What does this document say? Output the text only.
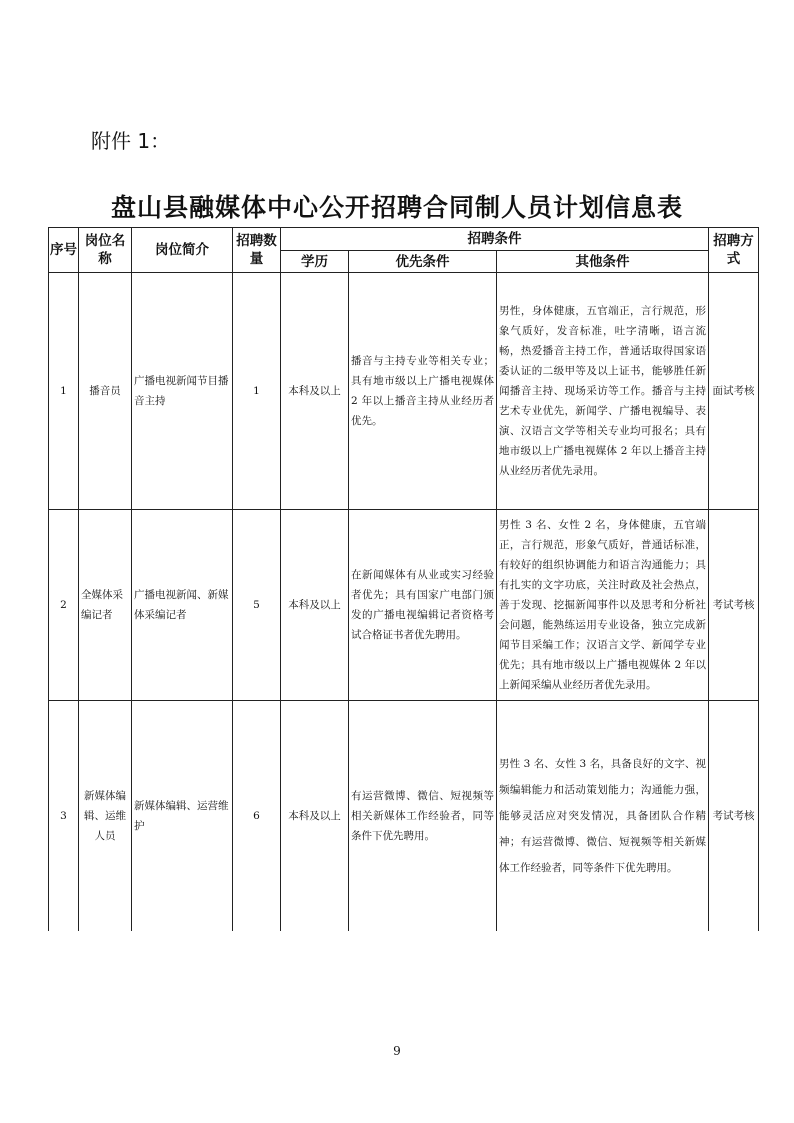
附件 1：
盘山县融媒体中心公开招聘合同制人员计划信息表
序号	岗位名称	岗位简介	招聘数量	招聘条件			招聘方式
				学历	优先条件	其他条件	
1	播音员	广播电视新闻节目播音主持	1	本科及以上	播音与主持专业等相关专业；具有地市级以上广播电视媒体 2 年以上播音主持从业经历者优先。	男性，身体健康，五官端正，言行规范，形象气质好，发音标准，吐字清晰，语言流畅，热爱播音主持工作，普通话取得国家语委认证的二级甲等及以上证书，能够胜任新闻播音主持、现场采访等工作。播音与主持艺术专业优先，新闻学、广播电视编导、表演、汉语言文学等相关专业均可报名；具有地市级以上广播电视媒体 2 年以上播音主持从业经历者优先录用。	面试考核
2	全媒体采编记者	广播电视新闻、新媒体采编记者	5	本科及以上	在新闻媒体有从业或实习经验者优先；具有国家广电部门颁发的广播电视编辑记者资格考试合格证书者优先聘用。	男性 3 名、女性 2 名，身体健康，五官端正，言行规范，形象气质好，普通话标准，有较好的组织协调能力和语言沟通能力；具有扎实的文字功底，关注时政及社会热点，善于发现、挖掘新闻事件以及思考和分析社会问题，能熟练运用专业设备，独立完成新闻节目采编工作；汉语言文学、新闻学专业优先；具有地市级以上广播电视媒体 2 年以上新闻采编从业经历者优先录用。	考试考核
3	新媒体编辑、运维人员	新媒体编辑、运营维护	6	本科及以上	有运营微博、微信、短视频等相关新媒体工作经验者，同等条件下优先聘用。	男性 3 名、女性 3 名，具备良好的文字、视频编辑能力和活动策划能力；沟通能力强，能够灵活应对突发情况，具备团队合作精神；有运营微博、微信、短视频等相关新媒体工作经验者，同等条件下优先聘用。	考试考核
9
